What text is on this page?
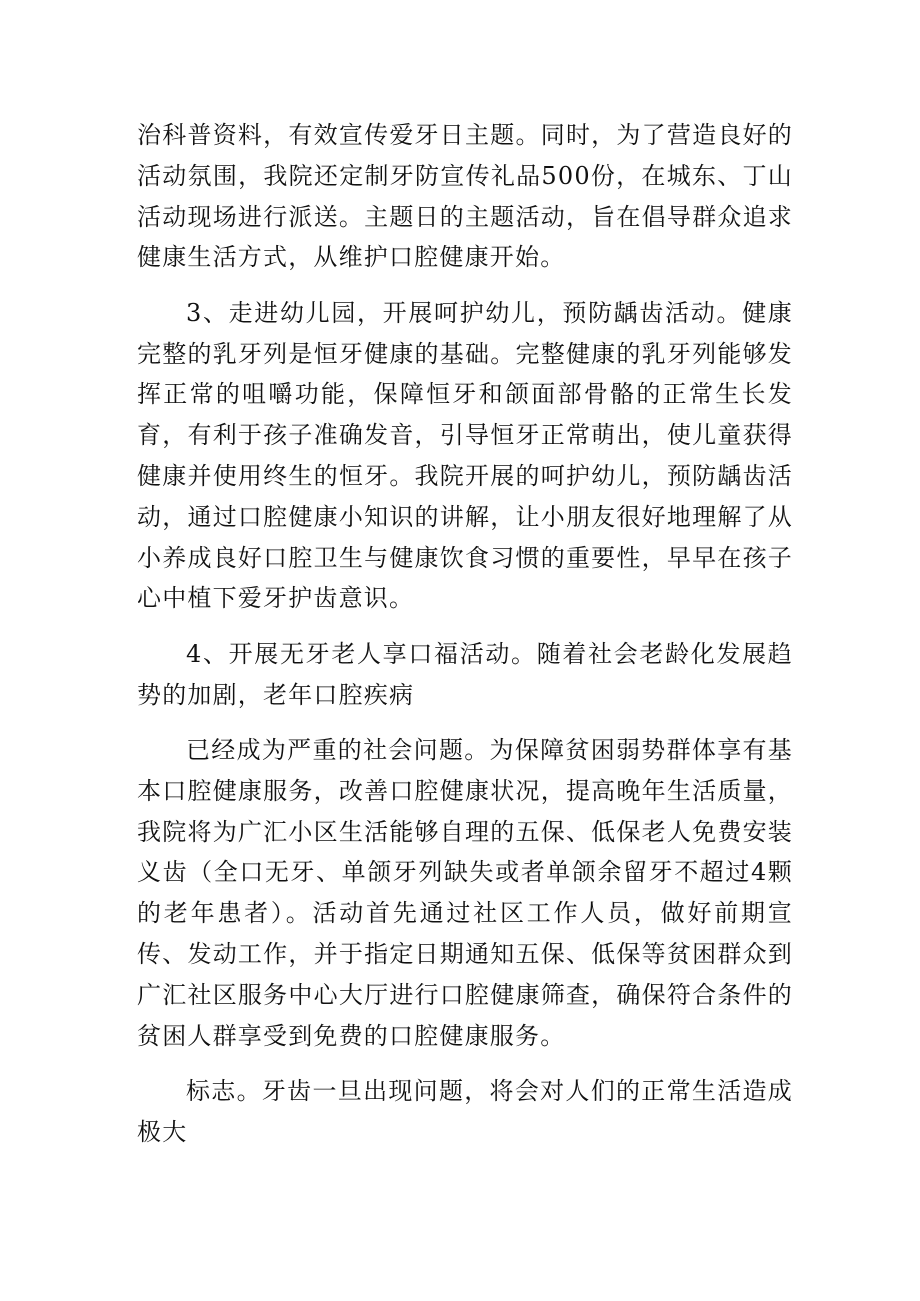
治科普资料，有效宣传爱牙日主题。同时，为了营造良好的活动氛围，我院还定制牙防宣传礼品500份，在城东、丁山活动现场进行派送。主题日的主题活动，旨在倡导群众追求健康生活方式，从维护口腔健康开始。

3、走进幼儿园，开展呵护幼儿，预防龋齿活动。健康完整的乳牙列是恒牙健康的基础。完整健康的乳牙列能够发挥正常的咀嚼功能，保障恒牙和颌面部骨骼的正常生长发育，有利于孩子准确发音，引导恒牙正常萌出，使儿童获得健康并使用终生的恒牙。我院开展的呵护幼儿，预防龋齿活动，通过口腔健康小知识的讲解，让小朋友很好地理解了从小养成良好口腔卫生与健康饮食习惯的重要性，早早在孩子心中植下爱牙护齿意识。

4、开展无牙老人享口福活动。随着社会老龄化发展趋势的加剧，老年口腔疾病

已经成为严重的社会问题。为保障贫困弱势群体享有基本口腔健康服务，改善口腔健康状况，提高晚年生活质量，我院将为广汇小区生活能够自理的五保、低保老人免费安装义齿（全口无牙、单颌牙列缺失或者单颌余留牙不超过4颗的老年患者）。活动首先通过社区工作人员，做好前期宣传、发动工作，并于指定日期通知五保、低保等贫困群众到广汇社区服务中心大厅进行口腔健康筛查，确保符合条件的贫困人群享受到免费的口腔健康服务。

标志。牙齿一旦出现问题，将会对人们的正常生活造成极大
